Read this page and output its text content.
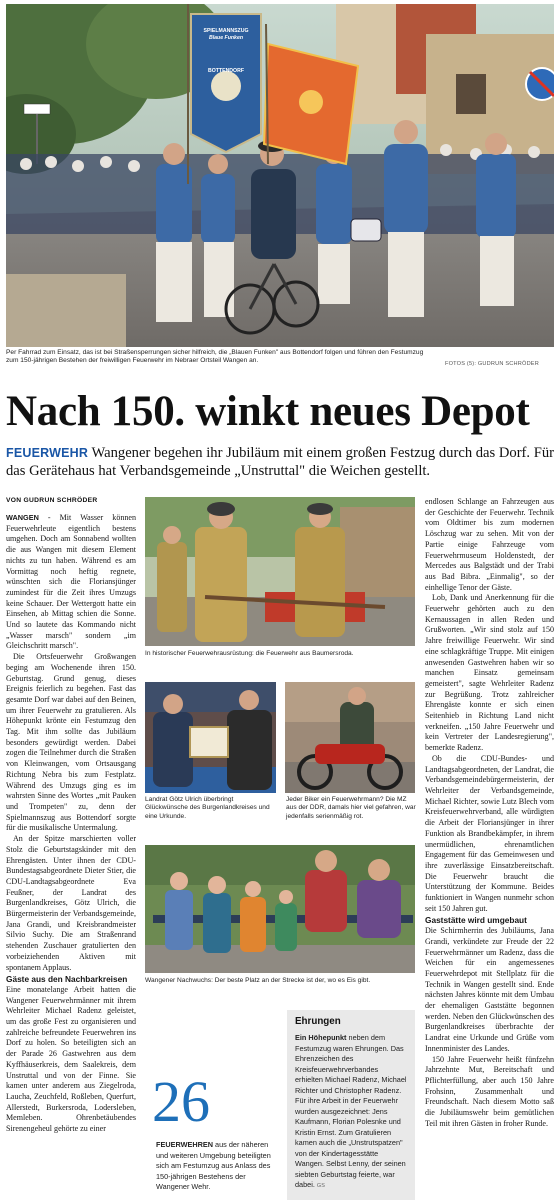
SPIELMANNSZUG
Blaue Funken
BOTTENDORF
Per Fahrrad zum Einsatz, das ist bei Straßensperrungen sicher hilfreich, die „Blauen Funken" aus Bottendorf folgen und führen den Festumzug zum 150-jährigen Bestehen der freiwilligen Feuerwehr im Nebraer Ortsteil Wangen an.	FOTOS (5): GUDRUN SCHRÖDER
Nach 150. winkt neues Depot
FEUERWEHR Wangener begehen ihr Jubiläum mit einem großen Festzug durch das Dorf. Für das Gerätehaus hat Verbandsgemeinde „Unstruttal" die Weichen gestellt.
VON GUDRUN SCHRÖDER

WANGEN - Mit Wasser können Feuerwehrleute eigentlich bestens umgehen. Doch am Sonnabend wollten die aus Wangen mit diesem Element nichts zu tun haben. Während es am Vormittag noch heftig regnete, wünschten sich die Floriansjünger zumindest für die Zeit ihres Umzugs keine Schauer. Der Wettergott hatte ein Einsehen, ab Mittag schien die Sonne. Und so lautete das Kommando nicht „Wasser marsch" sondern „im Gleichschritt marsch".

Die Ortsfeuerwehr Großwangen beging am Wochenende ihren 150. Geburtstag. Grund genug, dieses Ereignis feierlich zu begehen. Fast das gesamte Dorf war dabei auf den Beinen, um ihrer Feuerwehr zu gratulieren. Als Höhepunkt krönte ein Festumzug den Tag. Mit ihm sollte das Jubiläum besonders gewürdigt werden. Dabei zogen die Teilnehmer durch die Straßen von Kleinwangen, vom Ortsausgang Richtung Nebra bis zum Festplatz. Während des Umzugs ging es im wahrsten Sinne des Wortes „mit Pauken und Trompeten" zu, denn der Spielmannszug aus Bottendorf sorgte für die musikalische Untermalung.

An der Spitze marschierten voller Stolz die Geburtstagskinder mit den Ehrengästen. Unter ihnen der CDU-Bundestagsabgeordnete Dieter Stier, die CDU-Landtagsabgeordnete Eva Feußner, der Landrat des Burgenlandkreises, Götz Ulrich, die Bürgermeisterin der Verbandsgemeinde, Jana Grandi, und Kreisbrandmeister Silvio Suchy. Die am Straßenrand stehenden Zuschauer gratulierten den vorbeiziehenden Aktiven mit spontanem Applaus.

Gäste aus den Nachbarkreisen

Eine monatelange Arbeit hatten die Wangener Feuerwehrmänner mit ihrem Wehrleiter Michael Radenz geleistet, um das große Fest zu organisieren und zahlreiche befreundete Feuerwehren ins Dorf zu holen. So beteiligten sich an der Parade 26 Gastwehren aus dem Kyffhäuserkreis, dem Saalekreis, dem Unstruttal und von der Finne. Sie kamen unter anderem aus Ziegelroda, Laucha, Zeuchfeld, Roßleben, Querfurt, Allerstedt, Burkersroda, Lodersleben, Memleben. Ohrenbetäubendes Sirenengeheul gehörte zu einer

In historischer Feuerwehrausrüstung: die Feuerwehr aus Baumersroda.
Landrat Götz Ulrich überbringt Glückwünsche des Burgenlandkreises und eine Urkunde.
Jeder Biker ein Feuerwehrmann? Die MZ aus der DDR, damals hier viel gefahren, war jedenfalls serienmäßig rot.
Wangener Nachwuchs: Der beste Platz an der Strecke ist der, wo es Eis gibt.
26
FEUERWEHREN aus der näheren und weiteren Umgebung beteiligten sich am Festumzug aus Anlass des 150-jährigen Bestehens der Wangener Wehr.
Ehrungen
Ein Höhepunkt neben dem Festumzug waren Ehrungen. Das Ehrenzeichen des Kreisfeuerwehrverbandes erhielten Michael Radenz, Michael Richter und Christopher Radenz. Für ihre Arbeit in der Feuerwehr wurden ausgezeichnet: Jens Kaufmann, Florian Polesnke und Kristin Ernst. Zum Gratulieren kamen auch die „Unstrutspatzen" von der Kindertagesstätte Wangen. Selbst Lenny, der seinen siebten Geburtstag feierte, war dabei. GS

endlosen Schlange an Fahrzeugen aus der Geschichte der Feuerwehr. Technik vom Oldtimer bis zum modernen Löschzug war zu sehen. Mit von der Partie einige Fahrzeuge vom Feuerwehrmuseum Holdenstedt, der Mercedes aus Balgstädt und der Trabi aus Bad Bibra. „Einmalig", so der einhellige Tenor der Gäste.

Lob, Dank und Anerkennung für die Feuerwehr gehörten auch zu den Kernaussagen in allen Reden und Grußworten. „Wir sind stolz auf 150 Jahre freiwillige Feuerwehr. Wir sind eine schlagkräftige Truppe. Mit einigen anwesenden Gastwehren haben wir so manchen Einsatz gemeinsam gemeistert", sagte Wehrleiter Radenz zur Begrüßung. Trotz zahlreicher Ehrengäste konnte er sich einen Seitenhieb in Richtung Land nicht verkneifen. „150 Jahre Feuerwehr und kein Vertreter der Landesregierung", bemerkte Radenz.

Ob die CDU-Bundes- und Landtagsabgeordneten, der Landrat, die Verbandsgemeindebürgermeisterin, der Wehrleiter der Verbandsgemeinde, Michael Richter, sowie Lutz Blech vom Kreisfeuerwehrverband, alle würdigten die Arbeit der Floriansjünger in ihrer Funktion als Brandbekämpfer, in ihrem unermüdlichen, ehrenamtlichen Engagement für das Gemeinwesen und ihre zuverlässige Einsatzbereitschaft. Die Feuerwehr braucht die Unterstützung der Kommune. Beides funktioniert in Wangen nunmehr schon seit 150 Jahren gut.

Gaststätte wird umgebaut

Die Schirmherrin des Jubiläums, Jana Grandi, verkündete zur Freude der 22 Feuerwehrmänner um Radenz, dass die Weichen für ein angemessenes Feuerwehrdepot mit Stellplatz für die Technik in Wangen gestellt sind. Ende nächsten Jahres könnte mit dem Umbau der ehemaligen Gaststätte begonnen werden. Neben den Glückwünschen des Burgenlandkreises überbrachte der Landrat eine Urkunde und Grüße vom Innenminister des Landes.

150 Jahre Feuerwehr heißt fünfzehn Jahrzehnte Mut, Bereitschaft und Pflichterfüllung, aber auch 150 Jahre Frohsinn, Zusammenhalt und Freundschaft. Nach diesem Motto saß die Jubiläumswehr beim gemütlichen Teil mit ihren Gästen in froher Runde.
